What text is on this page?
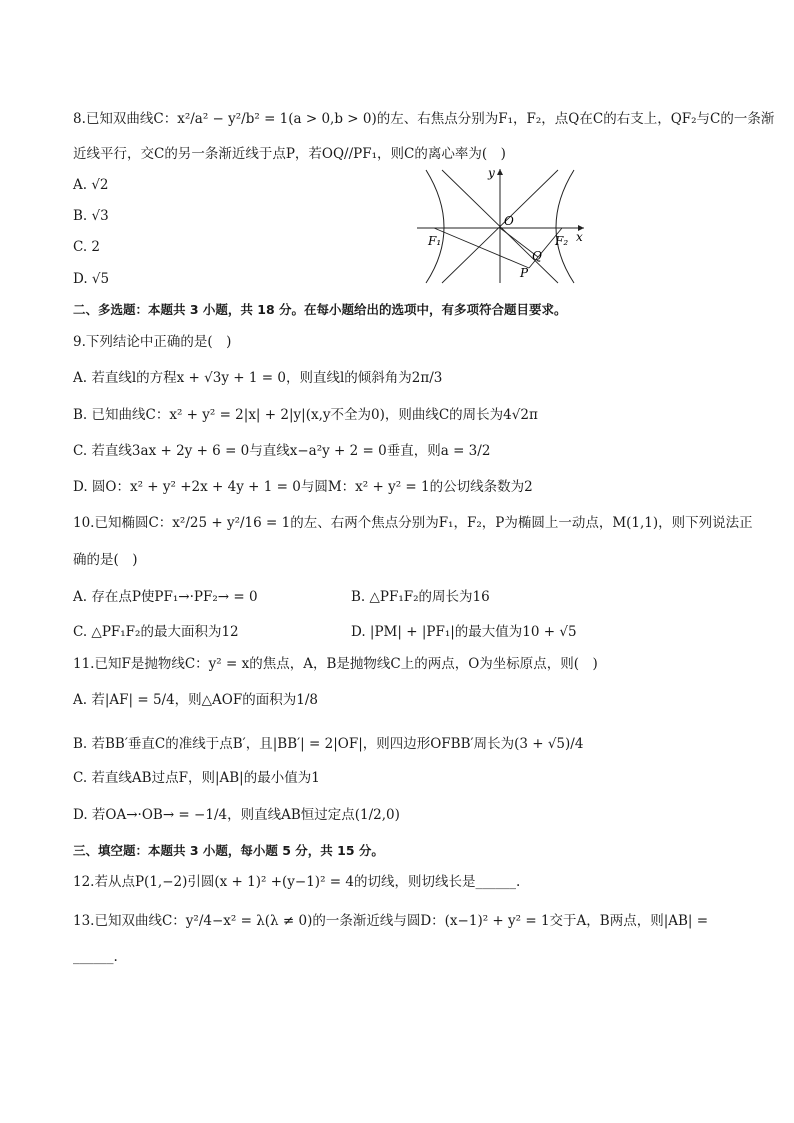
8.已知双曲线C：x²/a² − y²/b² = 1(a > 0,b > 0)的左、右焦点分别为F₁，F₂，点Q在C的右支上，QF₂与C的一条渐
近线平行，交C的另一条渐近线于点P，若OQ//PF₁，则C的离心率为(　)
A. √2
B. √3
C. 2
D. √5
y
x
O
F₁	F₂
Q
P
二、多选题：本题共 3 小题，共 18 分。在每小题给出的选项中，有多项符合题目要求。
9.下列结论中正确的是(　)
A. 若直线l的方程x + √3y + 1 = 0，则直线l的倾斜角为2π/3
B. 已知曲线C：x² + y² = 2|x| + 2|y|(x,y不全为0)，则曲线C的周长为4√2π
C. 若直线3ax + 2y + 6 = 0与直线x−a²y + 2 = 0垂直，则a = 3/2
D. 圆O：x² + y² +2x + 4y + 1 = 0与圆M：x² + y² = 1的公切线条数为2
10.已知椭圆C：x²/25 + y²/16 = 1的左、右两个焦点分别为F₁，F₂，P为椭圆上一动点，M(1,1)，则下列说法正
确的是(　)
A. 存在点P使PF₁→·PF₂→ = 0	B. △PF₁F₂的周长为16
C. △PF₁F₂的最大面积为12	D. |PM| + |PF₁|的最大值为10 + √5
11.已知F是抛物线C：y² = x的焦点，A，B是抛物线C上的两点，O为坐标原点，则(　)
A. 若|AF| = 5/4，则△AOF的面积为1/8
B. 若BB′垂直C的准线于点B′，且|BB′| = 2|OF|，则四边形OFBB′周长为(3 + √5)/4
C. 若直线AB过点F，则|AB|的最小值为1
D. 若OA→·OB→ = −1/4，则直线AB恒过定点(1/2,0)
三、填空题：本题共 3 小题，每小题 5 分，共 15 分。
12.若从点P(1,−2)引圆(x + 1)² +(y−1)² = 4的切线，则切线长是______.
13.已知双曲线C：y²/4−x² = λ(λ ≠ 0)的一条渐近线与圆D：(x−1)² + y² = 1交于A，B两点，则|AB| =
______.
